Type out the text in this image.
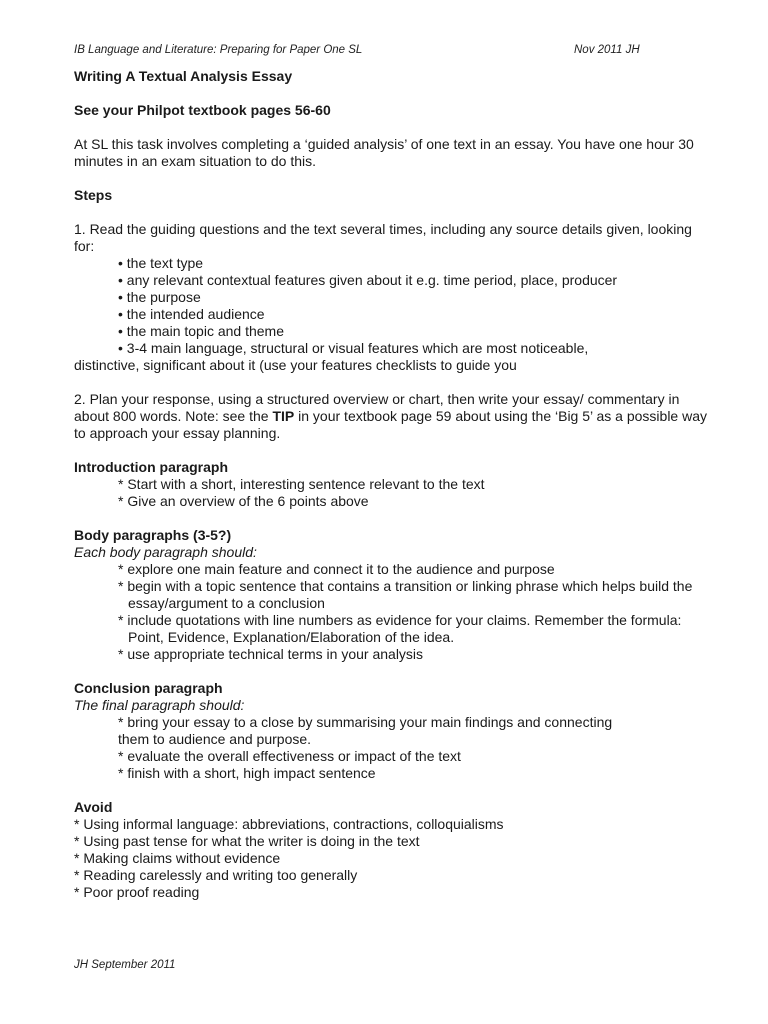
IB Language and Literature: Preparing for Paper One SL	Nov 2011 JH

Writing A Textual Analysis Essay

See your Philpot textbook pages 56-60

At SL this task involves completing a ‘guided analysis’ of one text in an essay. You have one hour 30 minutes in an exam situation to do this.

Steps

1. Read the guiding questions and the text several times, including any source details given, looking for:

• the text type

• any relevant contextual features given about it e.g. time period, place, producer

• the purpose

• the intended audience

• the main topic and theme

• 3-4 main language, structural or visual features which are most noticeable,

distinctive, significant about it (use your features checklists to guide you

2. Plan your response, using a structured overview or chart, then write your essay/ commentary in about 800 words. Note: see the TIP in your textbook page 59 about using the ‘Big 5’ as a possible way to approach your essay planning.

Introduction paragraph

* Start with a short, interesting sentence relevant to the text

* Give an overview of the 6 points above

Body paragraphs (3-5?)

Each body paragraph should:

* explore one main feature and connect it to the audience and purpose

* begin with a topic sentence that contains a transition or linking phrase which helps build the essay/argument to a conclusion

* include quotations with line numbers as evidence for your claims. Remember the formula: Point, Evidence, Explanation/Elaboration of the idea.

* use appropriate technical terms in your analysis

Conclusion paragraph

The final paragraph should:

* bring your essay to a close by summarising your main findings and connecting

them to audience and purpose.

* evaluate the overall effectiveness or impact of the text

* finish with a short, high impact sentence

Avoid

* Using informal language: abbreviations, contractions, colloquialisms

* Using past tense for what the writer is doing in the text

* Making claims without evidence

* Reading carelessly and writing too generally

* Poor proof reading

JH September 2011
